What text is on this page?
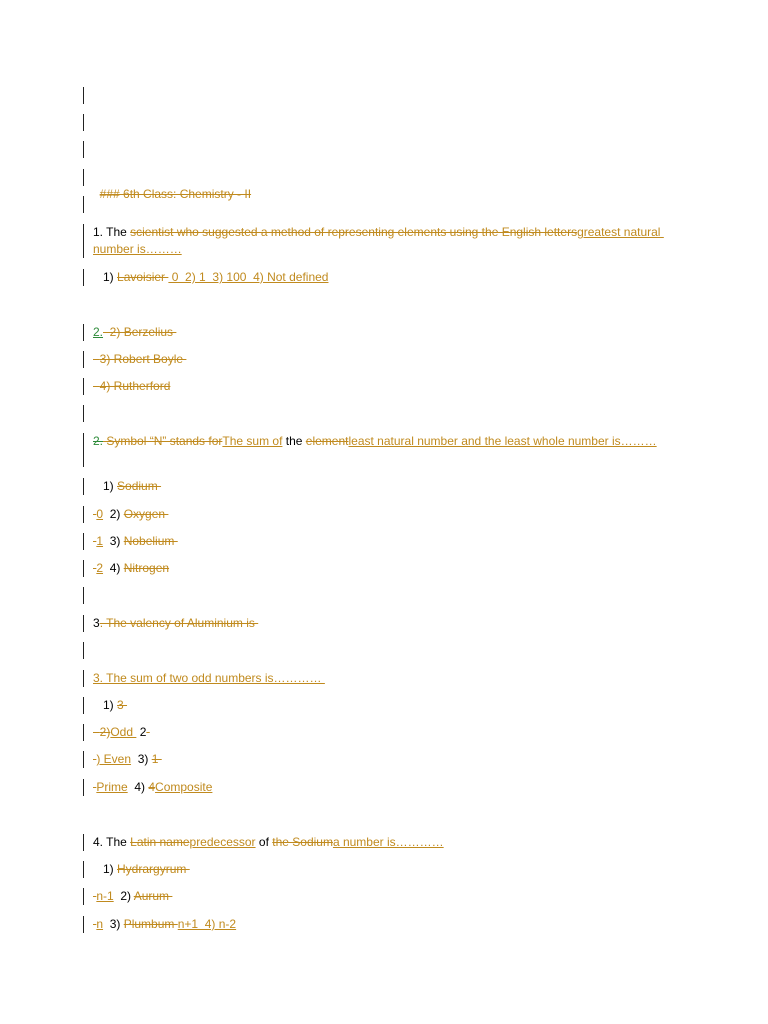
### 6th Class: Chemistry - II

1. The scientist who suggested a method of representing elements using the English lettersgreatest natural number is………
1) Lavoisier  0  2) 1  3) 100  4) Not defined
2.  2) Berzelius
3) Robert Boyle
4) Rutherford
2. Symbol “N” stands forThe sum of the elementleast natural number and the least whole number is………
1) Sodium
0  2) Oxygen
1  3) Nobelium
2  4) Nitrogen
3. The valency of Aluminium is
3. The sum of two odd numbers is…………
1) 3
2)Odd  2
) Even  3) 1
Prime  4) 4Composite
4. The Latin namepredecessor of the Sodiuma number is…………
1) Hydrargyrum
n-1  2) Aurum
n  3) Plumbum n+1  4) n-2
